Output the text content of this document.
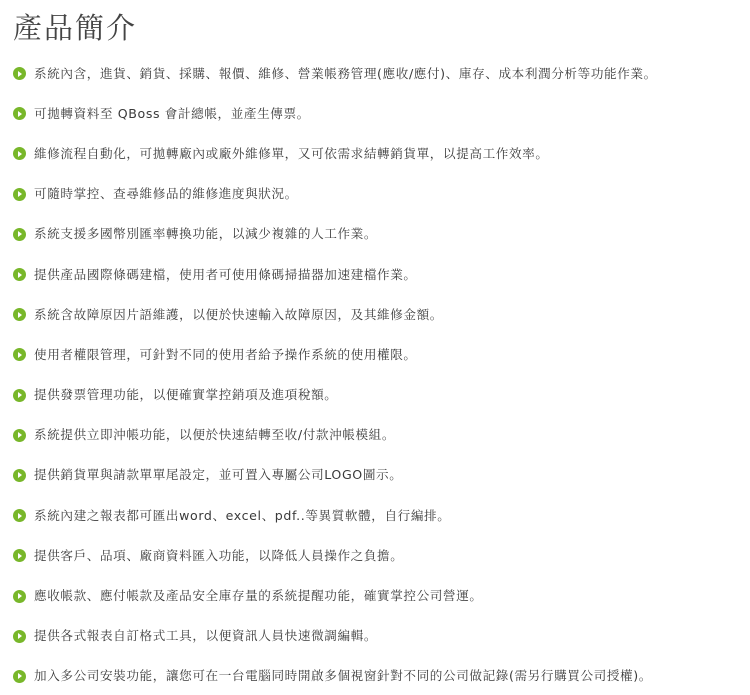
產品簡介
系統內含，進貨、銷貨、採購、報價、維修、營業帳務管理(應收/應付)、庫存、成本利潤分析等功能作業。
可拋轉資料至 QBoss 會計總帳，並產生傳票。
維修流程自動化，可拋轉廠內或廠外維修單，又可依需求結轉銷貨單，以提高工作效率。
可隨時掌控、查尋維修品的維修進度與狀況。
系統支援多國幣別匯率轉換功能，以減少複雜的人工作業。
提供產品國際條碼建檔，使用者可使用條碼掃描器加速建檔作業。
系統含故障原因片語維護，以便於快速輸入故障原因，及其維修金額。
使用者權限管理，可針對不同的使用者給予操作系統的使用權限。
提供發票管理功能，以便確實掌控銷項及進項稅額。
系統提供立即沖帳功能，以便於快速結轉至收/付款沖帳模組。
提供銷貨單與請款單單尾設定，並可置入專屬公司LOGO圖示。
系統內建之報表都可匯出word、excel、pdf..等異質軟體，自行編排。
提供客戶、品項、廠商資料匯入功能，以降低人員操作之負擔。
應收帳款、應付帳款及產品安全庫存量的系統提醒功能，確實掌控公司營運。
提供各式報表自訂格式工具，以便資訊人員快速微調編輯。
加入多公司安裝功能，讓您可在一台電腦同時開啟多個視窗針對不同的公司做記錄(需另行購買公司授權)。
